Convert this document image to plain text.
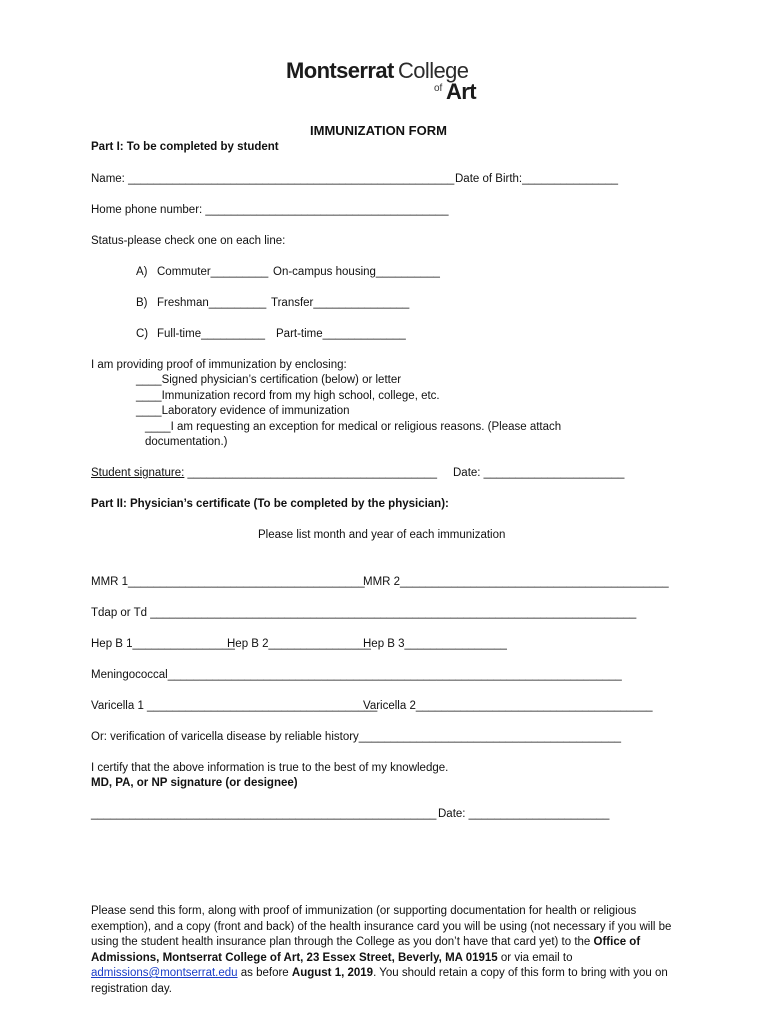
Montserrat College
of Art
IMMUNIZATION FORM
Part I: To be completed by student
Name: ___________________________________________________ Date of Birth:_______________
Home phone number: ______________________________________
Status-please check one on each line:
A) Commuter_________ On-campus housing__________
B) Freshman_________ Transfer_______________
C) Full-time__________ Part-time_____________
I am providing proof of immunization by enclosing:
____Signed physician’s certification (below) or letter
____Immunization record from my high school, college, etc.
____Laboratory evidence of immunization
____I am requesting an exception for medical or religious reasons. (Please attach
documentation.)
Student signature: _______________________________________ Date: ______________________
Part II: Physician’s certificate (To be completed by the physician):
Please list month and year of each immunization
MMR 1_____________________________________
MMR 2__________________________________________
Tdap or Td ____________________________________________________________________________
Hep B 1________________
Hep B 2________________
Hep B 3________________
Meningococcal_______________________________________________________________________
Varicella 1 ____________________________________
Varicella 2_____________________________________
Or: verification of varicella disease by reliable history_________________________________________
I certify that the above information is true to the best of my knowledge.
MD, PA, or NP signature (or designee)
______________________________________________________ Date: ______________________
Please send this form, along with proof of immunization (or supporting documentation for health or religious exemption), and a copy (front and back) of the health insurance card you will be using (not necessary if you will be using the student health insurance plan through the College as you don’t have that card yet) to the Office of Admissions, Montserrat College of Art, 23 Essex Street, Beverly, MA 01915 or via email to admissions@montserrat.edu as before August 1, 2019. You should retain a copy of this form to bring with you on registration day.
